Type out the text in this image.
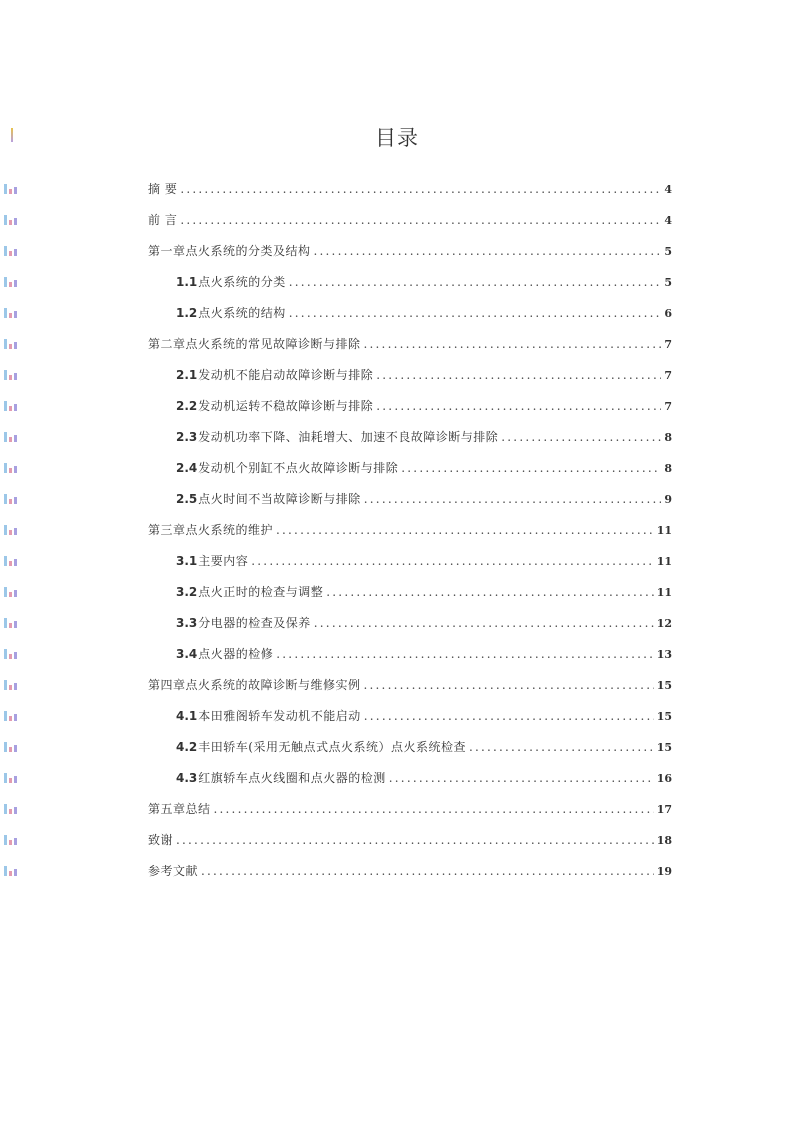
目录
摘 要 .....	4
前 言 .....	4
第一章点火系统的分类及结构 .....	5
1.1 点火系统的分类 .....	5
1.2 点火系统的结构 .....	6
第二章点火系统的常见故障诊断与排除 .....	7
2.1 发动机不能启动故障诊断与排除 .....	7
2.2 发动机运转不稳故障诊断与排除 .....	7
2.3 发动机功率下降、油耗增大、加速不良故障诊断与排除 .....	8
2.4 发动机个别缸不点火故障诊断与排除 .....	8
2.5 点火时间不当故障诊断与排除 .....	9
第三章点火系统的维护 .....	11
3.1 主要内容 .....	11
3.2 点火正时的检查与调整 .....	11
3.3 分电器的检查及保养 .....	12
3.4 点火器的检修 .....	13
第四章点火系统的故障诊断与维修实例 .....	15
4.1 本田雅阁轿车发动机不能启动 .....	15
4.2 丰田轿车(采用无触点式点火系统）点火系统检查 .....	15
4.3 红旗轿车点火线圈和点火器的检测 .....	16
第五章总结 .....	17
致谢 .....	18
参考文献 .....	19
